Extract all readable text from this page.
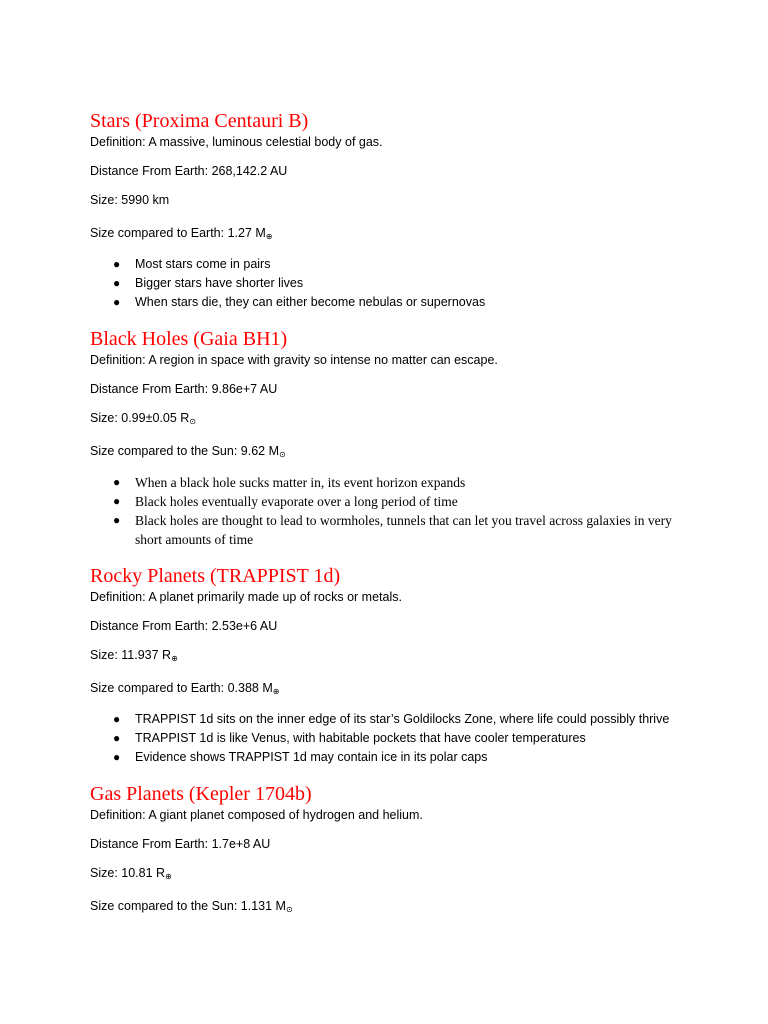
Stars (Proxima Centauri B)

Definition: A massive, luminous celestial body of gas.

Distance From Earth: 268,142.2 AU

Size: 5990 km

Size compared to Earth: 1.27 $M_\oplus$

● Most stars come in pairs
● Bigger stars have shorter lives
● When stars die, they can either become nebulas or supernovas
Black Holes (Gaia BH1)

Definition: A region in space with gravity so intense no matter can escape.

Distance From Earth: 9.86e+7 AU

Size: 0.99±0.05 $R_⊙$

Size compared to the Sun: 9.62 $M_⊙$

● When a black hole sucks matter in, its event horizon expands
● Black holes eventually evaporate over a long period of time
● Black holes are thought to lead to wormholes, tunnels that can let you travel across galaxies in very short amounts of time
Rocky Planets (TRAPPIST 1d)

Definition: A planet primarily made up of rocks or metals.

Distance From Earth: 2.53e+6 AU

Size: 11.937 $R_\oplus$

Size compared to Earth: 0.388 $M_\oplus$

● TRAPPIST 1d sits on the inner edge of its star’s Goldilocks Zone, where life could possibly thrive
● TRAPPIST 1d is like Venus, with habitable pockets that have cooler temperatures
● Evidence shows TRAPPIST 1d may contain ice in its polar caps
Gas Planets (Kepler 1704b)

Definition: A giant planet composed of hydrogen and helium.

Distance From Earth: 1.7e+8 AU

Size: 10.81 $R_\oplus$

Size compared to the Sun: 1.131 $M_⊙$
